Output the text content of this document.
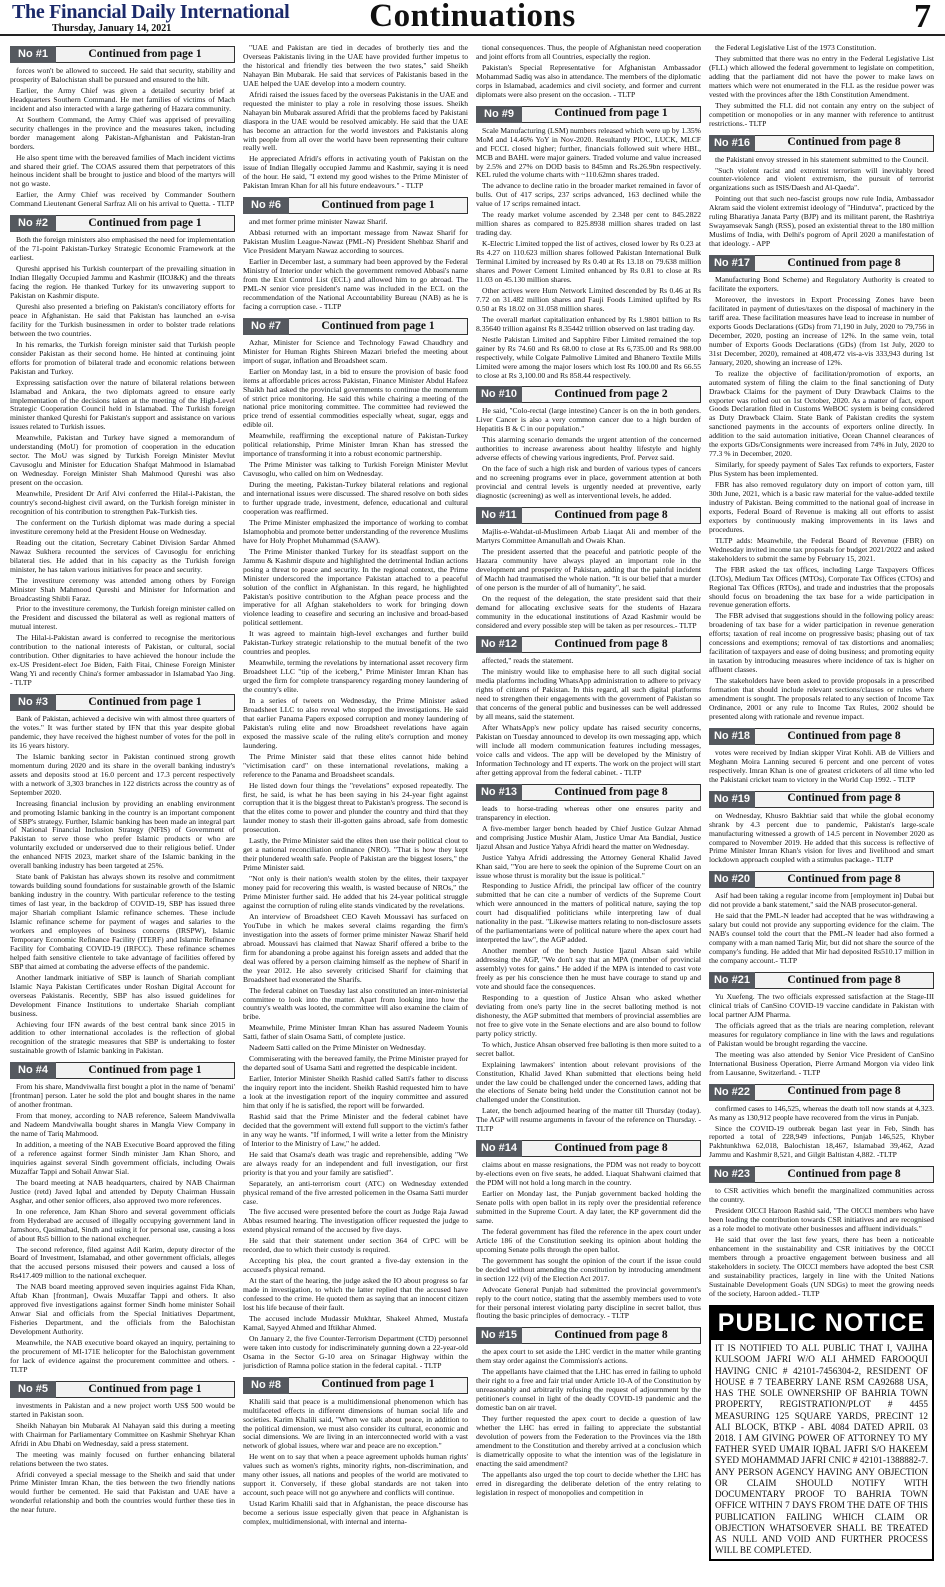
The Financial Daily International
Thursday, January 14, 2021	Continuations	7
No #1	Continued from page 1

forces won't be allowed to succeed. He said that security, stability and prosperity of Balochistan shall be pursued and ensured to the hilt.

Earlier, the Army Chief was given a detailed security brief at Headquarters Southern Command. He met families of victims of Mach incident and also interacted with a large gathering of Hazara community.

At Southern Command, the Army Chief was apprised of prevailing security challenges in the province and the measures taken, including border management along Pakistan-Afghanistan and Pakistan-Iran borders.

He also spent time with the bereaved families of Mach incident victims and shared their grief. The COAS assured them that perpetrators of this heinous incident shall be brought to justice and blood of the martyrs will not go waste.

Earlier, the Army Chief was received by Commander Southern Command Lieutenant General Sarfraz Ali on his arrival to Quetta. - TLTP

No #2	Continued from page 1

Both the foreign ministers also emphasised the need for implementation of the 71-point Pakistan-Turkey Strategic Economic Framework at the earliest.

Qureshi apprised his Turkish counterpart of the prevailing situation in Indian Illegally Occupied Jammu and Kashmir (IIOJ&K) and the threats facing the region. He thanked Turkey for its unwavering support to Pakistan on Kashmir dispute.

Qureshi also presented a briefing on Pakistan's conciliatory efforts for peace in Afghanistan. He said that Pakistan has launched an e-visa facility for the Turkish businessmen in order to bolster trade relations between the two countries.

In his remarks, the Turkish foreign minister said that Turkish people consider Pakistan as their second home. He hinted at continuing joint efforts for promotion of bilateral trade and economic relations between Pakistan and Turkey.

Expressing satisfaction over the nature of bilateral relations between Islamabad and Ankara, the two diplomats agreed to ensure early implementation of the decisions taken at the meeting of the High-Level Strategic Cooperation Council held in Islamabad. The Turkish foreign minister thanked Qureshi for Pakistan's support and assistance on various issues related to Turkish issues.

Meanwhile, Pakistan and Turkey have signed a memorandum of understanding (MoU) for promotion of cooperation in the education sector. The MoU was signed by Turkish Foreign Minister Mevlut Cavusoglu and Minister for Education Shafqat Mahmood in Islamabad on Wednesday. Foreign Minister Shah Mahmood Qureshi was also present on the occasion.

Meanwhile, President Dr Arif Alvi conferred the Hilal-i-Pakistan, the country's second-highest civil award, on the Turkish foreign minister in recognition of his contribution to strengthen Pak-Turkish ties.

The conferment on the Turkish diplomat was made during a special investiture ceremony held at the President House on Wednesday.

Reading out the citation, Secretary Cabinet Division Sardar Ahmed Nawaz Sukhera recounted the services of Cavusoglu for enriching bilateral ties. He added that in his capacity as the Turkish foreign minister, he has taken various initiatives for peace and security.

The investiture ceremony was attended among others by Foreign Minister Shah Mahmood Qureshi and Minister for Information and Broadcasting Shibli Faraz.

Prior to the investiture ceremony, the Turkish foreign minister called on the President and discussed the bilateral as well as regional matters of mutual interest.

The Hilal-i-Pakistan award is conferred to recognise the meritorious contribution to the national interests of Pakistan, or cultural, social contribution. Other dignitaries to have achieved the honour include the ex-US President-elect Joe Biden, Faith Fitai, Chinese Foreign Minister Wang Yi and recently China's former ambassador in Islamabad Yao Jing. - TLTP

No #3	Continued from page 1

Bank of Pakistan, achieved a decisive win with almost three quarters of the votes." It was further stated by IFN that this year despite global pandemic, they have received the highest number of votes for the poll in its 16 years history.

The Islamic banking sector in Pakistan continued strong growth momentum during 2020 and its share in the overall banking industry's assets and deposits stood at 16.0 percent and 17.3 percent respectively with a network of 3,303 branches in 122 districts across the country as of September 2020.

Increasing financial inclusion by providing an enabling environment and promoting Islamic banking in the country is an important component of SBP's strategy. Further, Islamic banking has been made an integral part of National Financial Inclusion Strategy (NFIS) of Government of Pakistan to serve those who prefer Islamic products or who are voluntarily excluded or underserved due to their religious belief. Under the enhanced NFIS 2023, market share of the Islamic banking in the overall banking industry has been targeted at 25%.

State bank of Pakistan has always shown its resolve and commitment towards building sound foundations for sustainable growth of the Islamic banking industry in the country. With particular reference to the testing times of last year, in the backdrop of COVID-19, SBP has issued three major Shariah compliant Islamic refinance schemes. These include Islamic refinance scheme for payment of wages and salaries to the workers and employees of business concerns (IRSPW), Islamic Temporary Economic Refinance Facility (ITERF) and Islamic Refinance Facility for Combating COVID-19 (IRFCC). These refinance schemes helped faith sensitive clientele to take advantage of facilities offered by SBP that aimed at combating the adverse effects of the pandemic.

Another landmark initiative of SBP is launch of Shariah compliant Islamic Naya Pakistan Certificates under Roshan Digital Account for overseas Pakistanis. Recently, SBP has also issued guidelines for Development Finance Institutions to undertake Shariah compliant business.

Achieving four IFN awards of the best central bank since 2015 in addition to other international accolades is the reflection of global recognition of the strategic measures that SBP is undertaking to foster sustainable growth of Islamic banking in Pakistan.

No #4	Continued from page 1

From his share, Mandviwalla first bought a plot in the name of 'benami' [frontman] person. Later he sold the plot and bought shares in the name of another frontman.

From that money, according to NAB reference, Saleem Mandviwalla and Nadeem Mandviwalla bought shares in Mangla View Company in the name of Tariq Mahmood.

In addition, a meeting of the NAB Executive Board approved the filing of a reference against former Sindh minister Jam Khan Shoro, and inquiries against several Sindh government officials, including Owais Muzaffar Tappi and Sohail Anwar Sial.

The board meeting at NAB headquarters, chaired by NAB Chairman Justice (retd) Javed Iqbal and attended by Deputy Chairman Hussain Asghar, and other senior officers, also approved two more references.

In one reference, Jam Khan Shoro and several government officials from Hyderabad are accused of illegally occupying government land in Jamshoro, Qasimabad, Sindh and using it for personal use, causing a loss of about Rs5 billion to the national exchequer.

The second reference, filed against Adil Karim, deputy director of the Board of Investment, Islamabad, and other government officials, alleges that the accused persons misused their powers and caused a loss of Rs417.409 million to the national exchequer.

The NAB board meeting approved seven inquiries against Fida Khan, Aftab Khan [frontman], Owais Muzaffar Tappi and others. It also approved five investigations against former Sindh home minister Sohail Anwar Sial and officials from the Special Initiatives Department, Fisheries Department, and the officials from the Balochistan Development Authority.

Meanwhile, the NAB executive board okayed an inquiry, pertaining to the procurement of MI-171E helicopter for the Balochistan government for lack of evidence against the procurement committee and others. - TLTP

No #5	Continued from page 1

investments in Pakistan and a new project worth US$ 500 would be started in Pakistan soon.

Sheikh Nahayan bin Mubarak Al Nahayan said this during a meeting with Chairman for Parliamentary Committee on Kashmir Shehryar Khan Afridi in Abu Dhabi on Wednesday, said a press statement.

The meeting was mainly focused on further enhancing bilateral relations between the two states.

Afridi conveyed a special message to the Sheikh and said that under Prime Minister Imran Khan, the ties between the two friendly nations would further be cemented. He said that Pakistan and UAE have a wonderful relationship and both the countries would further these ties in the near future.

"UAE and Pakistan are tied in decades of brotherly ties and the Overseas Pakistanis living in the UAE have provided further impetus to the historical and friendly ties between the two states," said Sheikh Nahayan Bin Mubarak. He said that services of Pakistanis based in the UAE helped the UAE develop into a modern country.

Afridi raised the issues faced by the overseas Pakistanis in the UAE and requested the minister to play a role in resolving those issues. Sheikh Nahayan bin Mubarak assured Afridi that the problems faced by Pakistani diaspora in the UAE would be resolved amicably. He said that the UAE has become an attraction for the world investors and Pakistanis along with people from all over the world have been representing their culture really well.

He appreciated Afridi's efforts in activating youth of Pakistan on the issue of Indian Illegally occupied Jammu and Kashmir, saying it is need of the hour. He said, "I extend my good wishes to the Prime Minister of Pakistan Imran Khan for all his future endeavours." - TLTP

No #6	Continued from page 1

and met former prime minister Nawaz Sharif.

Abbasi returned with an important message from Nawaz Sharif for Pakistan Muslim League-Nawaz (PML-N) President Shehbaz Sharif and Vice President Maryam Nawaz according to sources.

Earlier in December last, a summary had been approved by the Federal Ministry of Interior under which the government removed Abbasi's name from the Exit Control List (ECL) and allowed him to go abroad. The PML-N senior vice president's name was included in the ECL on the recommendation of the National Accountability Bureau (NAB) as he is facing a corruption case. - TLTP

No #7	Continued from page 1

Azhar, Minister for Science and Technology Fawad Chaudhry and Minister for Human Rights Shireen Mazari briefed the meeting about import of sugar, inflation and Broadsheet scam.

Earlier on Monday last, in a bid to ensure the provision of basic food items at affordable prices across Pakistan, Finance Minister Abdul Hafeez Shaikh had asked the provincial governments to continue the momentum of strict price monitoring. He said this while chairing a meeting of the national price monitoring committee. The committee had reviewed the price trend of essential commodities especially wheat, sugar, eggs and edible oil.

Meanwhile, reaffirming the exceptional nature of Pakistan-Turkey political relationship, Prime Minister Imran Khan has stressed the importance of transforming it into a robust economic partnership.

The Prime Minister was talking to Turkish Foreign Minister Mevlut Cavusoglu, who called on him on Wednesday.

During the meeting, Pakistan-Turkey bilateral relations and regional and international issues were discussed. The shared resolve on both sides to further upgrade trade, investment, defence, educational and cultural cooperation was reaffirmed.

The Prime Minister emphasized the importance of working to combat Islamophobia and promote better understanding of the reverence Muslims have for Holy Prophet Muhammad (SAAW).

The Prime Minister thanked Turkey for its steadfast support on the Jammu & Kashmir dispute and highlighted the detrimental Indian actions posing a threat to peace and security. In the regional context, the Prime Minister underscored the importance Pakistan attached to a peaceful solution of the conflict in Afghanistan. In this regard, he highlighted Pakistan's positive contribution to the Afghan peace process and the imperative for all Afghan stakeholders to work for bringing down violence leading to ceasefire and securing an inclusive and broad-based political settlement.

It was agreed to maintain high-level exchanges and further build Pakistan-Turkey strategic relationship to the mutual benefit of the two countries and peoples.

Meanwhile, terming the revelations by international asset recovery firm Broadsheet LLC "tip of the iceberg," Prime Minister Imran Khan has urged the firm for complete transparency regarding money laundering of the country's elite.

In a series of tweets on Wednesday, the Prime Minister asked Broadsheet LLC to also reveal who stopped the investigations. He said that earlier Panama Papers exposed corruption and money laundering of Pakistan's ruling elite and now Broadsheet revelations have again exposed the massive scale of the ruling elite's corruption and money laundering.

The Prime Minister said that these elites cannot hide behind "victimisation card" on these international revelations, making a reference to the Panama and Broadsheet scandals.

He listed down four things the "revelations" exposed repeatedly. The first, he said, is what he has been saying in his 24-year fight against corruption that it is the biggest threat to Pakistan's progress. The second is that the elites come to power and plunder the country and third that they launder money to stash their ill-gotten gains abroad, safe from domestic prosecution.

Lastly, the Prime Minister said the elites then use their political clout to get a national reconciliation ordinance (NRO). "That is how they kept their plundered wealth safe. People of Pakistan are the biggest losers," the Prime Minister said.

"Not only is their nation's wealth stolen by the elites, their taxpayer money paid for recovering this wealth, is wasted because of NROs," the Prime Minister further said. He added that his 24-year political struggle against the corruption of ruling elite stands vindicated by the revelations.

An interview of Broadsheet CEO Kaveh Moussavi has surfaced on YouTube in which he makes several claims regarding the firm's investigation into the assets of former prime minister Nawaz Sharif held abroad. Moussavi has claimed that Nawaz Sharif offered a bribe to the firm for abandoning a probe against his foreign assets and added that the deal was offered by a person claiming himself as the nephew of Sharif in the year 2012. He also severely criticised Sharif for claiming that Broadsheet had exonerated the Sharifs.

The federal cabinet on Tuesday last also constituted an inter-ministerial committee to look into the matter. Apart from looking into how the country's wealth was looted, the committee will also examine the claim of bribe.

Meanwhile, Prime Minister Imran Khan has assured Nadeem Younis Satti, father of slain Osama Satti, of complete justice.

Nadeem Satti called on the Prime Minister on Wednesday.

Commiserating with the bereaved family, the Prime Minister prayed for the departed soul of Usama Satti and regretted the despicable incident.

Earlier, Interior Minister Sheikh Rashid called Satti's father to discuss the inquiry report into the incident. Sheikh Rashid requested him to have a look at the investigation report of the inquiry committee and assured him that only if he is satisfied, the report will be forwarded.

Rashid said that the Prime Minister and the federal cabinet have decided that the government will extend full support to the victim's father in any way he wants. "If informed, I will write a letter from the Ministry of Interior to the Ministry of Law," he added.

He said that Osama's death was tragic and reprehensible, adding "We are always ready for an independent and full investigation, our first priority is that you and your family are satisfied".

Separately, an anti-terrorism court (ATC) on Wednesday extended physical remand of the five arrested policemen in the Osama Satti murder case.

The five accused were presented before the court as Judge Raja Jawad Abbas resumed hearing. The investigation officer requested the judge to extend physical remand of the accused by five days.

He said that their statement under section 364 of CrPC will be recorded, due to which their custody is required.

Accepting his plea, the court granted a five-day extension in the accused's physical remand.

At the start of the hearing, the judge asked the IO about progress so far made in investigation, to which the latter replied that the accused have confessed to the crime. He quoted them as saying that an innocent citizen lost his life because of their fault.

The accused include Mudassir Mukhtar, Shakeel Ahmed, Mustafa Kamal, Sayyed Ahmed and Iftikhar Ahmed.

On January 2, the five Counter-Terrorism Department (CTD) personnel were taken into custody for indiscriminately gunning down a 22-year-old Osama in the Sector G-10 area on Srinagar Highway within the jurisdiction of Ramna police station in the federal capital. - TLTP

No #8	Continued from page 1

Khalili said that peace is a multidimensional phenomenon which has multifaceted effects in different dimensions of human social life and societies. Karim Khalili said, "When we talk about peace, in addition to the political dimension, we must also consider its cultural, economic and social dimensions. We are living in an interconnected world with a vast network of global issues, where war and peace are no exception."

He went on to say that when a peace agreement upholds human rights' values such as women's rights, minority rights, non-discrimination, and many other issues, all nations and peoples of the world are motivated to support it. Conversely, if these global standards are not taken into account, such peace will not go anywhere and conflicts will continue.

Ustad Karim Khalili said that in Afghanistan, the peace discourse has become a serious issue especially given that peace in Afghanistan is complex, multidimensional, with internal and interna-

tional consequences. Thus, the people of Afghanistan need cooperation and joint efforts from all Countries, especially the region.

Pakistan's Special Representative for Afghanistan Ambassador Mohammad Sadiq was also in attendance. The members of the diplomatic corps in Islamabad, academics and civil society, and former and current diplomats were also present on the occasion. - TLTP

No #9	Continued from page 1

Scale Manufacturing (LSM) numbers released which were up by 1.35% MoM and 14.46% YoY in Nov-2020. Resultantly PIOC, LUCK, MLCF and FCCL closed higher; further, financials followed suit where HBL, MCB and BAHL were major gainers. Traded volume and value increased by 2.5% and 27% on DOD basis to 845mn and Rs.26.9bn respectively. KEL ruled the volume charts with ~110.62mn shares traded.

The advance to decline ratio in the broader market remained in favor of bulls. Out of 417 scrips, 237 scrips advanced, 163 declined while the value of 17 scrips remained intact.

The ready market volume ascended by 2.348 per cent to 845.2822 million shares as compared to 825.8938 million shares traded on last trading day.

K-Electric Limited topped the list of actives, closed lower by Rs 0.23 at Rs 4.27 on 110.623 million shares followed Pakistan International Bulk Terminal Limited by increased by Rs 0.40 at Rs 13.18 on 79.638 million shares and Power Cement Limited enhanced by Rs 0.81 to close at Rs 11.03 on 45.130 million shares.

Other actives were Hum Network Limited descended by Rs 0.46 at Rs 7.72 on 31.482 million shares and Fauji Foods Limited uplifted by Rs 0.50 at Rs 18.02 on 31.058 million shares.

The overall market capitalization enhanced by Rs 1.9801 billion to Rs 8.35640 trillion against Rs 8.35442 trillion observed on last trading day.

Nestle Pakistan Limited and Sapphire Fiber Limited remained the top gainer by Rs 74.60 and Rs 68.00 to close at Rs 6,735.00 and Rs 988.00 respectively, while Colgate Palmolive Limited and Bhanero Textile Mills Limited were among the major losers which lost Rs 100.00 and Rs 66.55 to close at Rs 3,100.00 and Rs 858.44 respectively.

No #10	Continued from page 2

He said, "Colo-rectal (large intestine) Cancer is on the in both genders. Liver Cancer is also a very common cancer due to a high burden of Hepatitis B & C in our population."

This alarming scenario demands the urgent attention of the concerned authorities to increase awareness about healthy lifestyle and highly adverse effects of chewing various ingredients, Prof. Pervez said.

On the face of such a high risk and burden of various types of cancers and no screening programs ever in place, government attention at both provincial and central levels is urgently needed at preventive, early diagnostic (screening) as well as interventional levels, he added.

No #11	Continued from page 8

Majlis-e-Wahdat-ul-Muslimeen Arbab Liaqat Ali and member of the Martyrs Committee Amanullah and Owais Khan.

The president asserted that the peaceful and patriotic people of the Hazara community have always played an important role in the development and prosperity of Pakistan, adding that the painful incident of Machh had traumatised the whole nation. "It is our belief that a murder of one person is the murder of all of humanity", he said.

On the request of the delegation, the state president said that their demand for allocating exclusive seats for the students of Hazara community in the educational institutions of Azad Kashmir would be considered and every possible step will be taken as per resources.- TLTP

No #12	Continued from page 8

affected," reads the statement.

The ministry would like to emphasise here to all such digital social media platforms including WhatsApp administration to adhere to privacy rights of citizens of Pakistan. In this regard, all such digital platforms need to strengthen their engagements with the government of Pakistan so that concerns of the general public and businesses can be well addressed by all means, said the statement.

After WhatsApp's new policy update has raised security concerns, Pakistan on Tuesday announced to develop its own messaging app, which will include all modern communication features including messages, voice calls and videos. The app will be developed by the Ministry of Information Technology and IT experts. The work on the project will start after getting approval from the federal cabinet. - TLTP

No #13	Continued from page 8

leads to horse-trading whereas other one ensures parity and transparency in election.

A five-member larger bench headed by Chief Justice Gulzar Ahmad and comprising Justice Mushir Alam, Justice Umar Ata Bandial, Justice Ijazul Ahsan and Justice Yahya Afridi heard the matter on Wednesday.

Justice Yahya Afridi addressing the Attorney General Khalid Javed Khan said, "You are here to seek the opinion of the Supreme Court on an issue whose thrust is morality but the issue is political."

Responding to Justice Afridi, the principal law officer of the country submitted that he can cite a number of verdicts of the Supreme Court which were announced in the matters of political nature, saying the top court had disqualified politicians while interpreting law of dual nationality in the past. "Likewise matters relating to non-disclosure assets of the parliamentarians were of political nature where the apex court had interpreted the law", the AGP added.

Another member of the bench Justice Ijazul Ahsan said while addressing the AGP, "We don't say that an MPA (member of provincial assembly) votes for gains." He added if the MPA is intended to cast vote freely as per his conscience then he must have courage to stand up and vote and should face the consequences.

Responding to a question of Justice Ahsan who asked whether deviating from one's party line in the secret balloting method is not dishonesty, the AGP submitted that members of provincial assemblies are not free to give vote in the Senate elections and are also bound to follow party policy strictly.

To which, Justice Ahsan observed free balloting is then more suited to a secret ballot.

Explaining lawmakers' intention about relevant provisions of the Constitution, Khalid Javed Khan submitted that elections being held under the law could be challenged under the concerned laws, adding that the elections of Senate being held under the Constitution cannot not be challenged under the Constitution.

Later, the bench adjourned hearing of the matter till Thursday (today). The AGP will resume arguments in favour of the reference on Thursday. - TLTP

No #14	Continued from page 8

claims about en masse resignations, the PDM was not ready to boycott by-elections even on five seats, he added. Liaquat Shahwani claimed that the PDM will not hold a long march in the country.

Earlier on Monday last, the Punjab government backed holding the Senate polls with open ballot in its reply over the presidential reference submitted in the Supreme Court. A day later, the KP government did the same.

The federal government has filed the reference in the apex court under Article 186 of the Constitution seeking its opinion about holding the upcoming Senate polls through the open ballot.

The government has sought the opinion of the court if the issue could be decided without amending the constitution by introducing amendment in section 122 (vi) of the Election Act 2017.

Advocate General Punjab had submitted the provincial government's reply to the court notice, stating that the assembly members used to vote for their personal interest violating party discipline in secret ballot, thus flouting the basic principles of democracy. - TLTP

No #15	Continued from page 8

the apex court to set aside the LHC verdict in the matter while granting them stay order against the Commission's actions.

The appellants have claimed that the LHC has erred in failing to uphold their right to a free and fair trial under Article 10-A of the Constitution by unreasonably and arbitrarily refusing the request of adjournment by the petitioner's counsel in light of the deadly COVID-19 pandemic and the domestic ban on air travel.

They further requested the apex court to decide a question of law whether the LHC has erred in failing to appreciate the substantial devolution of powers from the Federation to the Provinces via the 18th amendment to the Constitution and thereby arrived at a conclusion which is diametrically opposite to what the intention was of the legislature in enacting the said amendment?

The appellants also urged the top court to decide whether the LHC has erred in disregarding the deliberate deletion of the entry relating to legislation in respect of monopolies and competition in

the Federal Legislative List of the 1973 Constitution.

They submitted that there was no entry in the Federal Legislative List (FLL) which allowed the federal government to legislate on competition, adding that the parliament did not have the power to make laws on matters which were not enumerated in the FLL as the residue power was vested with the provinces after the 18th Constitution Amendment.

They submitted the FLL did not contain any entry on the subject of competition or monopolies or in any manner with reference to antitrust restrictions.- TLTP

No #16	Continued from page 8

the Pakistani envoy stressed in his statement submitted to the Council.

"Such violent racist and extremist terrorism will inevitably breed counter-violence and violent extremism, the pursuit of terrorist organizations such as ISIS/Daesh and Al-Qaeda".

Pointing out that such neo-fascist groups now rule India, Ambassador Akram said the violent extremist ideology of "Hindutva", practiced by the ruling Bharatiya Janata Party (BJP) and its militant parent, the Rashtriya Swayamsevak Sangh (RSS), posed an existential threat to the 180 million Muslims of India, with Delhi's pogrom of April 2020 a manifestation of that ideology. - APP

No #17	Continued from page 8

Manufacturing Bond Scheme) and Regulatory Authority is created to facilitate the exporters.

Moreover, the investors in Export Processing Zones have been facilitated in payment of duties/taxes on the disposal of machinery in the tariff area. These facilitation measures have lead to increase in number of exports Goods Declarations (GDs) from 71,190 in July, 2020 to 79,756 in December, 2020, posting an increase of 12%. In the same vein, total number of Exports Goods Declarations (GDs) (from 1st July, 2020 to 31st December, 2020), remained at 408,472 vis-a-vis 333,943 during 1st January, 2020, showing an increase of 12%.

To realize the objective of facilitation/promotion of exports, an automated system of filing the claim to the final sanctioning of Duty Drawback Claims for the payment of Duty Drawback Claims to the exporter was rolled out on 1st October, 2020. As a matter of fact, export Goods Declaration filed in Customs WeBOC system is being considered as Duty Drawback Claim. State Bank of Pakistan credits the system sanctioned payments in the accounts of exporters online directly. In addition to the said automation initiative, Ocean Channel clearances of the exports GDs/Consignments were increased from 74% in July, 2020 to 77.3 % in December, 2020.

Similarly, for speedy payment of Sales Tax refunds to exporters, Faster Plus System has been implemented.

FBR has also removed regulatory duty on import of cotton yarn, till 30th June, 2021, which is a basic raw material for the value-added textile industry of Pakistan. Being committed to the national goal of increase in exports, Federal Board of Revenue is making all out efforts to assist exporters by continuously making improvements in its laws and procedures.

TLTP adds: Meanwhile, the Federal Board of Revenue (FBR) on Wednesday invited income tax proposals for budget 2021/2022 and asked stakeholders to submit the same by February 15, 2021.

The FBR asked the tax offices, including Large Taxpayers Offices (LTOs), Medium Tax Offices (MTOs), Corporate Tax Offices (CTOs) and Regional Tax Offices (RTOs), and trade and industries that the proposals should focus on broadening the tax base for a wide participation in revenue generation efforts.

The FBR advised that suggestions should in the following policy areas: broadening of tax base for a wider participation in revenue generation efforts; taxation of real income on progressive basis; phasing out of tax concessions and exemptions; removal of tax distortions and anomalies; facilitation of taxpayers and ease of doing business; and promoting equity in taxation by introducing measures where incidence of tax is higher on affluent classes.

The stakeholders have been asked to provide proposals in a prescribed formation that should include relevant sections/clauses or rules where amendment is sought. The proposals related to any section of Income Tax Ordinance, 2001 or any rule to Income Tax Rules, 2002 should be presented along with rationale and revenue impact.

No #18	Continued from page 8

votes were received by Indian skipper Virat Kohli. AB de Villiers and Meghann Moira Lanning secured 6 percent and one percent of votes respectively. Imran Khan is one of greatest cricketers of all time who led the Pakistani cricket team to victory in the World Cup 1992. - TLTP

No #19	Continued from page 8

on Wednesday, Khusro Bakhtiar said that while the global economy shrank by 4.3 percent due to pandemic, Pakistan's large-scale manufacturing witnessed a growth of 14.5 percent in November 2020 as compared to November 2019. He added that this success is reflective of Prime Minister Imran Khan's vision for lives and livelihood and smart lockdown approach coupled with a stimulus package.- TLTP

No #20	Continued from page 8

Asif had been taking a regular income from [employment in] Dubai but did not provide a bank statement," said the NAB prosecutor-general.

He said that the PML-N leader had accepted that he was withdrawing a salary but could not provide any supporting evidence for the claim. The NAB's counsel told the court that the PML-N leader had also formed a company with a man named Tariq Mir, but did not share the source of the company's funding. He added that Mir had deposited Rs510.17 million in the company account.- TLTP

No #21	Continued from page 8

Yu Xuefeng. The two officials expressed satisfaction at the Stage-III clinical trials of CanSino COVID-19 vaccine candidate in Pakistan with local partner AJM Pharma.

The officials agreed that as the trials are nearing completion, relevant measures for regulatory compliance in line with the laws and regulations of Pakistan would be brought regarding the vaccine.

The meeting was also attended by Senior Vice President of CanSino International Business Operation, Pierre Armand Morgon via video link from Lausanne, Switzerland. - TLTP

No #22	Continued from page 8

confirmed cases to 146,525, whereas the death toll now stands at 4,323. As many as 130,912 people have recovered from the virus in Punjab.

Since the COVID-19 outbreak began last year in Feb, Sindh has reported a total of 228,949 infections, Punjab 146,525, Khyber Pakhtunkhwa 62,018, Balochistan 18,467, Islamabad 39,462, Azad Jammu and Kashmir 8,521, and Gilgit Baltistan 4,882. -TLTP

No #23	Continued from page 8

to CSR activities which benefit the marginalized communities across the country.

President OICCI Haroon Rashid said, "The OICCI members who have been leading the contribution towards CSR initiatives and are recognised as a role model to motivate other businesses and affluent individuals."

He said that over the last few years, there has been a noticeable enhancement in the sustainability and CSR initiatives by the OICCI members through a proactive engagement between business and all stakeholders in society. The OICCI members have adopted the best CSR and sustainability practices, largely in line with the United Nations Sustainable Development Goals (UN SDGs) to meet the growing needs of the society, Haroon added.- TLTP

PUBLIC NOTICE
IT IS NOTIFIED TO ALL PUBLIC THAT I, VAJIHA KULSOOM JAFRI W/O ALI AHMED FAROOQUI HAVING CNIC # 42101-7456304-2, RESIDENT OF HOUSE # 7 TEABERRY LANE RSM CA92688 USA, HAS THE SOLE OWNERSHIP OF BAHRIA TOWN PROPERTY, REGISTRATION/PLOT # 4455 MEASURING 125 SQUARE YARDS, PRECINT 12 ALI BLOCK, BTKP - ABL 4084 DATED APRIL 03 2018. I AM GIVING POWER OF ATTORNEY TO MY FATHER SYED UMAIR IQBAL JAFRI S/O HAKEEM SYED MOHAMMAD JAFRI CNIC # 42101-1388882-7. ANY PERSON AGENCY HAVING ANY OBJECTION OR CLAIM SHOULD NOTIFY WITH DOCUMENTARY PROOF TO BAHRIA TOWN OFFICE WITHIN 7 DAYS FROM THE DATE OF THIS PUBLICATION FAILING WHICH CLAIM OR OBJECTION WHATSOEVER SHALL BE TREATED AS NULL AND VOID AND FURTHER PROCESS WILL BE COMPLETED.
